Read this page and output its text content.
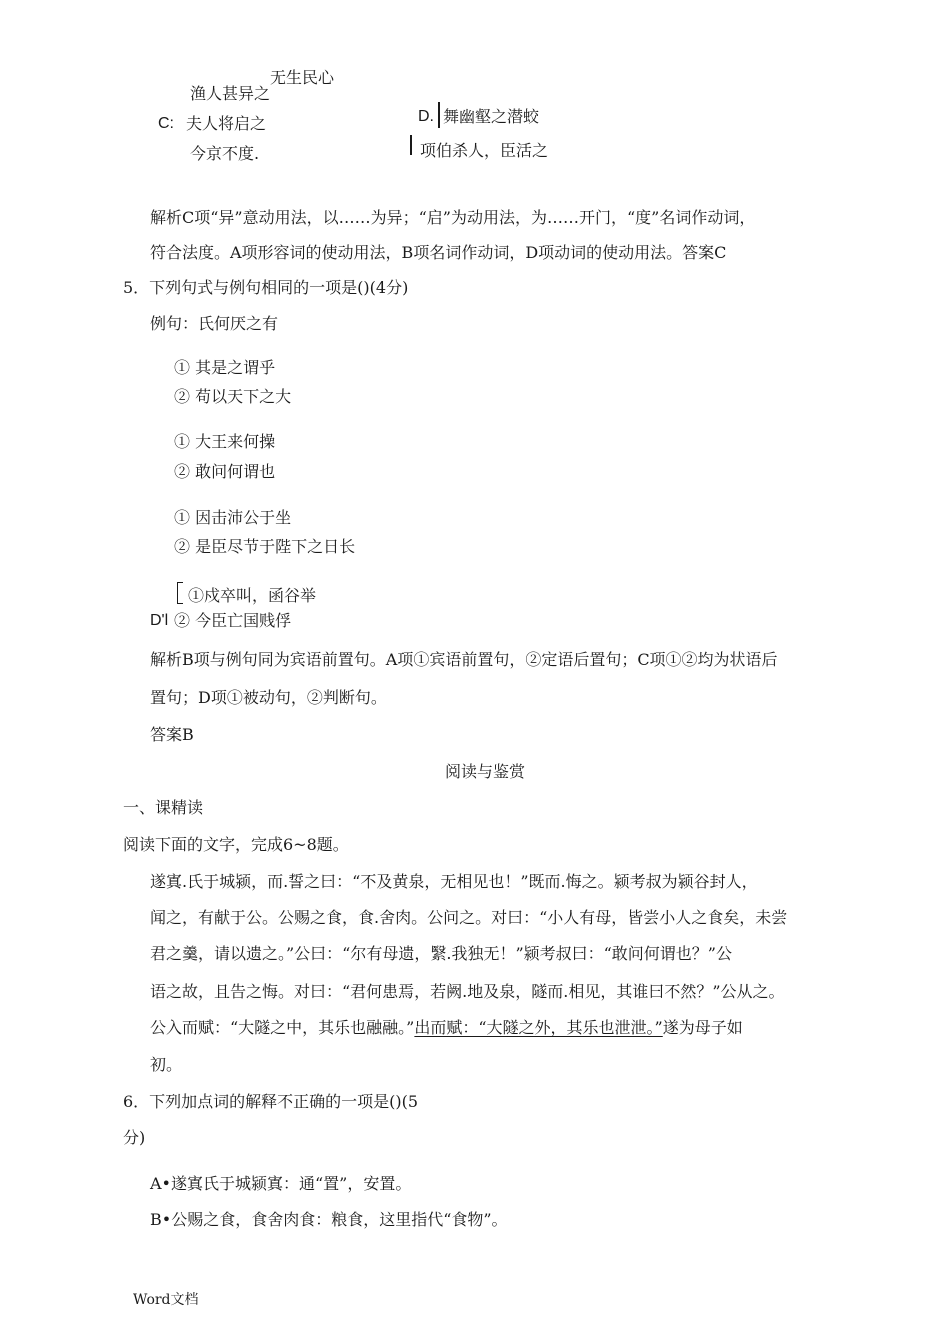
无生民心
渔人甚异之
C: 夫人将启之
今京不度.
D. 舞幽壑之潜蛟
项伯杀人，臣活之
解析C项“异”意动用法，以……为异；“启”为动用法，为……开门，“度”名词作动词，
符合法度。A项形容词的使动用法，B项名词作动词，D项动词的使动用法。答案C
5．下列句式与例句相同的一项是()(4分)
例句：氏何厌之有
① 其是之谓乎
② 苟以天下之大
① 大王来何操
② 敢问何谓也
① 因击沛公于坐
② 是臣尽节于陛下之日长
①戍卒叫，函谷举
D'l ② 今臣亡国贱俘
解析B项与例句同为宾语前置句。A项①宾语前置句，②定语后置句；C项①②均为状语后
置句；D项①被动句，②判断句。
答案B
阅读与鉴赏
一、课精读
阅读下面的文字，完成6~8题。
遂寘.氏于城颍，而.誓之曰：“不及黄泉，无相见也！”既而.悔之。颍考叔为颍谷封人，
闻之，有献于公。公赐之食，食.舍肉。公问之。对曰：“小人有母，皆尝小人之食矣，未尝
君之羹，请以遗之。”公曰：“尔有母遗，繄.我独无！”颍考叔曰：“敢问何谓也？”公
语之故，且告之悔。对曰：“君何患焉，若阙.地及泉，隧而.相见，其谁曰不然？”公从之。
公入而赋：“大隧之中，其乐也融融。”出而赋：“大隧之外，其乐也泄泄。”遂为母子如
初。
6．下列加点词的解释不正确的一项是()(5
分)
A•遂寘氏于城颍寘：通“置”，安置。
B•公赐之食，食舍肉食：粮食，这里指代“食物”。
Word文档
